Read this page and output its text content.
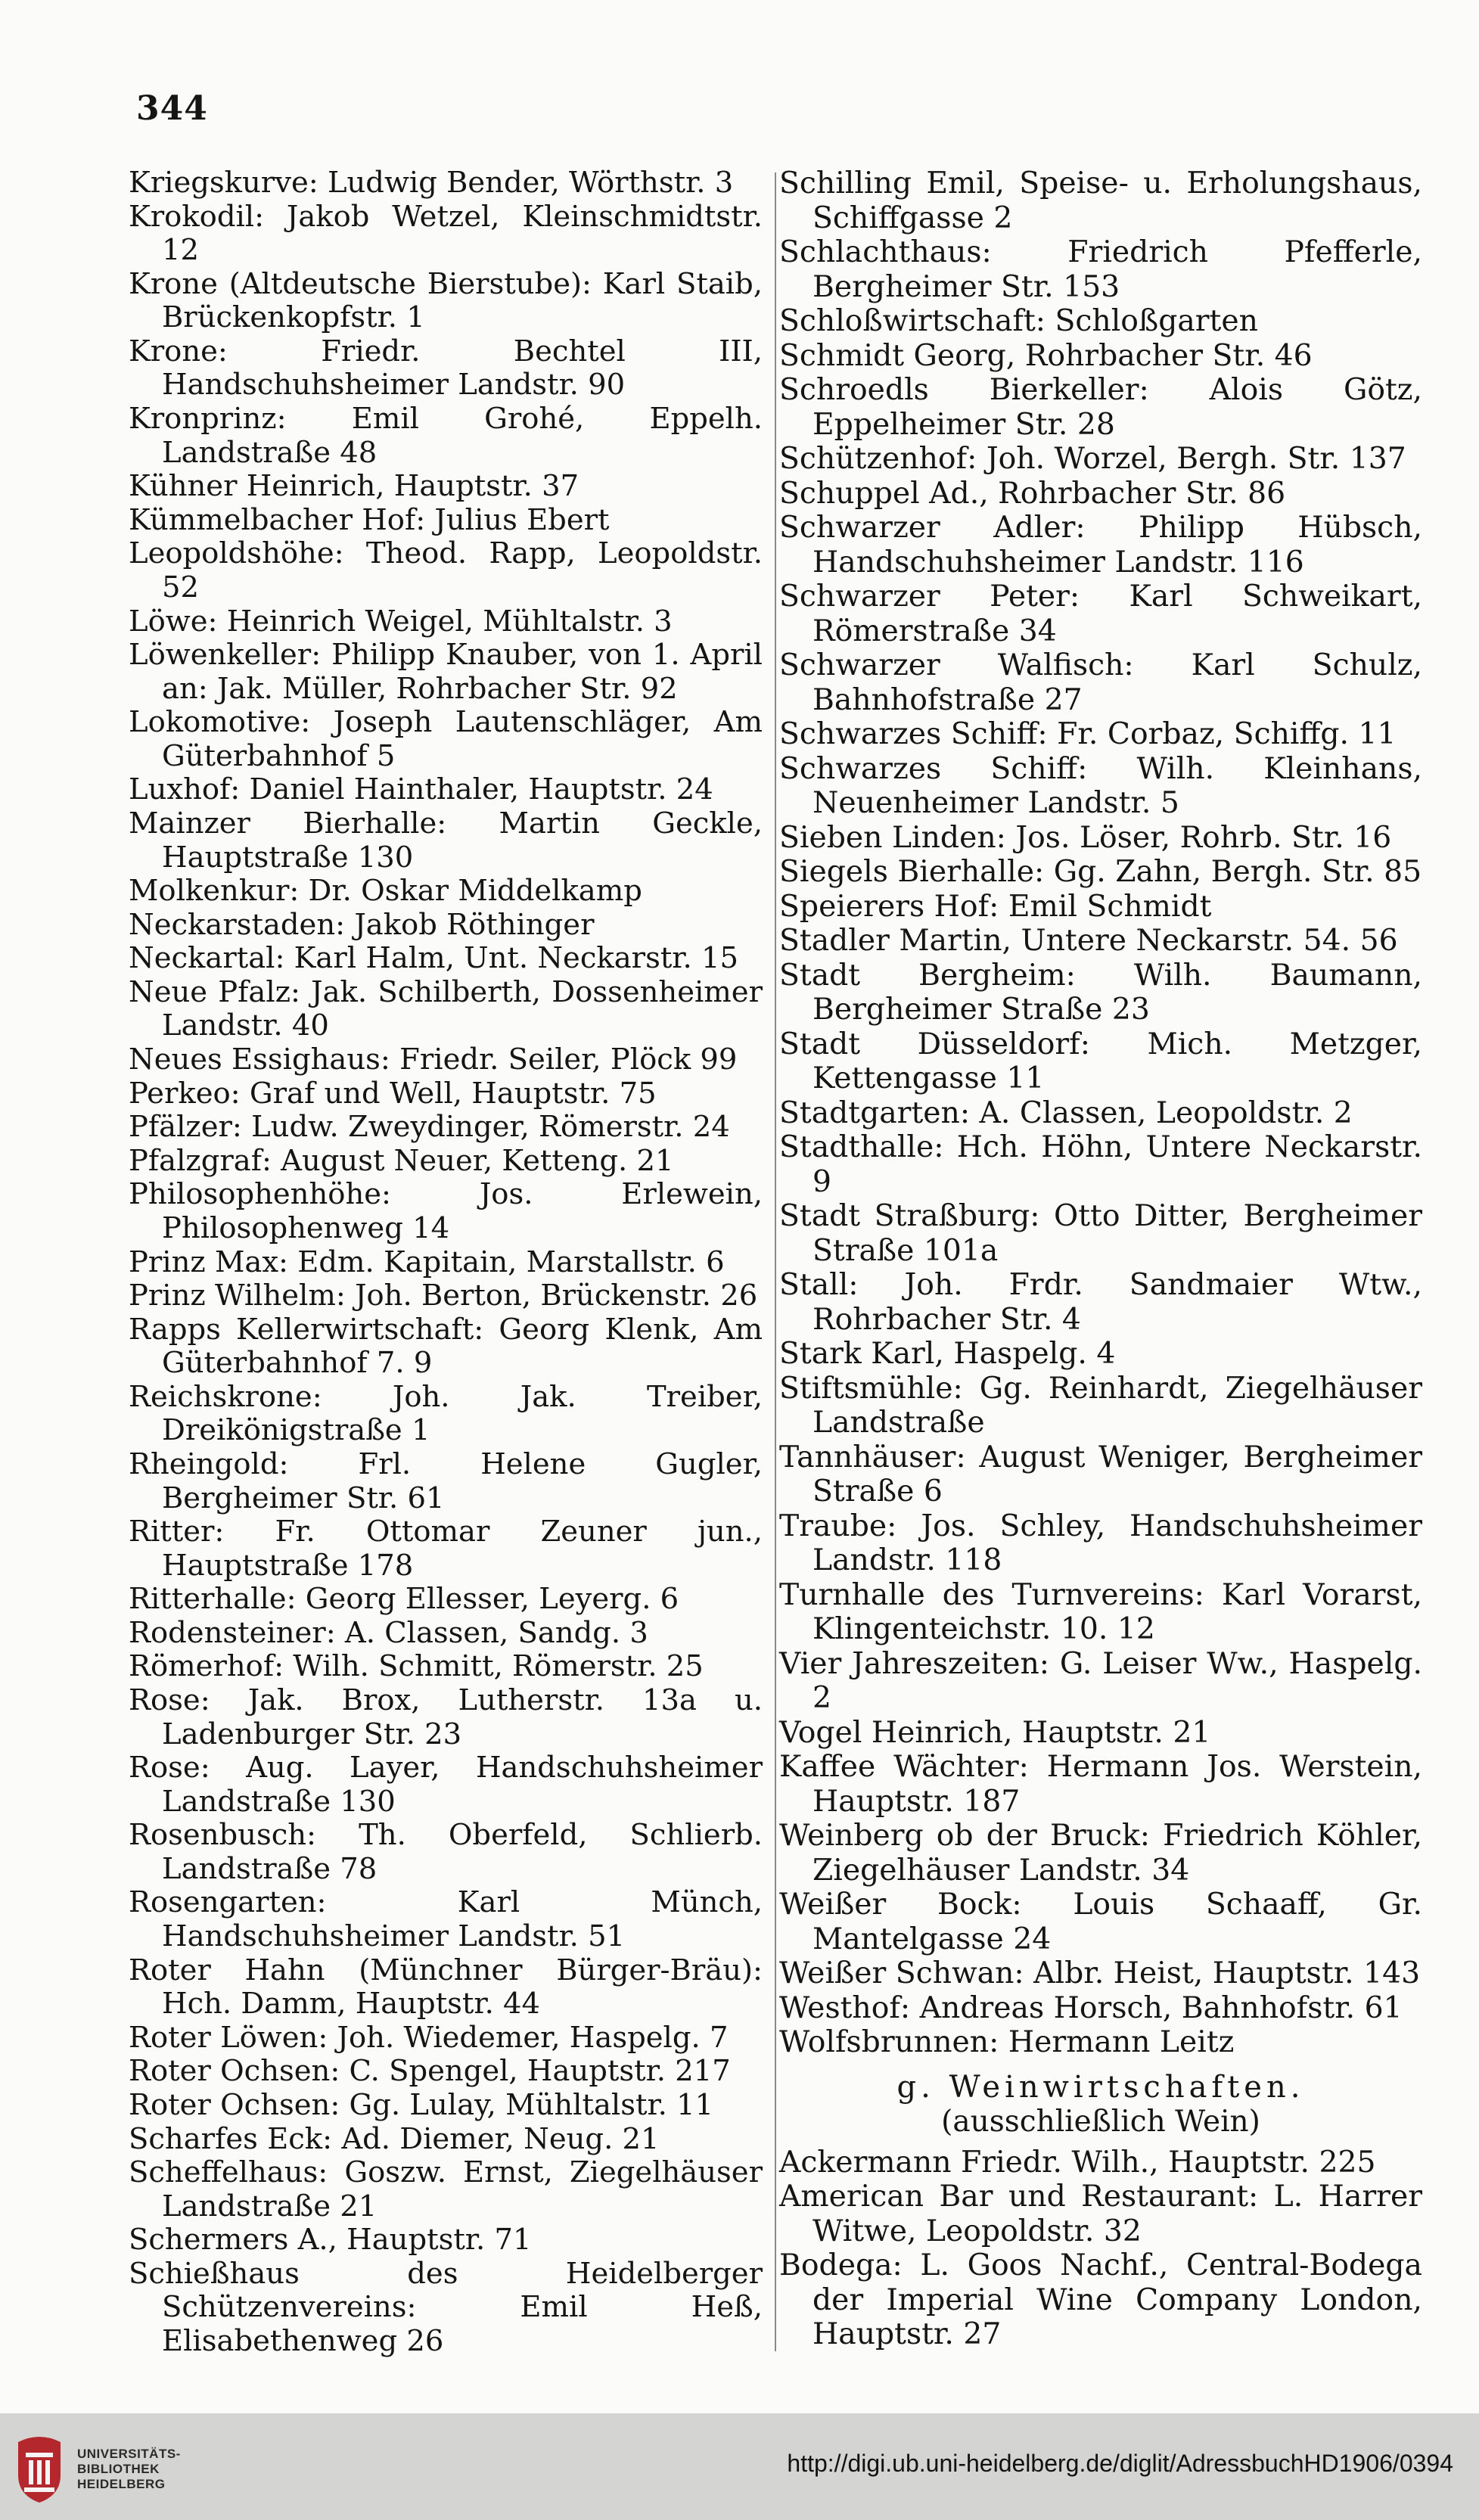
344

Kriegskurve: Ludwig Bender, Wörthstr. 3

Krokodil: Jakob Wetzel, Kleinschmidtstr. 12

Krone (Altdeutsche Bierstube): Karl Staib, Brückenkopfstr. 1

Krone: Friedr. Bechtel III, Handschuhsheimer Landstr. 90

Kronprinz: Emil Grohé, Eppelh. Landstraße 48

Kühner Heinrich, Hauptstr. 37

Kümmelbacher Hof: Julius Ebert

Leopoldshöhe: Theod. Rapp, Leopoldstr. 52

Löwe: Heinrich Weigel, Mühltalstr. 3

Löwenkeller: Philipp Knauber, von 1. April an: Jak. Müller, Rohrbacher Str. 92

Lokomotive: Joseph Lautenschläger, Am Güterbahnhof 5

Luxhof: Daniel Hainthaler, Hauptstr. 24

Mainzer Bierhalle: Martin Geckle, Hauptstraße 130

Molkenkur: Dr. Oskar Middelkamp

Neckarstaden: Jakob Röthinger

Neckartal: Karl Halm, Unt. Neckarstr. 15

Neue Pfalz: Jak. Schilberth, Dossenheimer Landstr. 40

Neues Essighaus: Friedr. Seiler, Plöck 99

Perkeo: Graf und Well, Hauptstr. 75

Pfälzer: Ludw. Zweydinger, Römerstr. 24

Pfalzgraf: August Neuer, Ketteng. 21

Philosophenhöhe: Jos. Erlewein, Philosophenweg 14

Prinz Max: Edm. Kapitain, Marstallstr. 6

Prinz Wilhelm: Joh. Berton, Brückenstr. 26

Rapps Kellerwirtschaft: Georg Klenk, Am Güterbahnhof 7. 9

Reichskrone: Joh. Jak. Treiber, Dreikönigstraße 1

Rheingold: Frl. Helene Gugler, Bergheimer Str. 61

Ritter: Fr. Ottomar Zeuner jun., Hauptstraße 178

Ritterhalle: Georg Ellesser, Leyerg. 6

Rodensteiner: A. Classen, Sandg. 3

Römerhof: Wilh. Schmitt, Römerstr. 25

Rose: Jak. Brox, Lutherstr. 13a u. Ladenburger Str. 23

Rose: Aug. Layer, Handschuhsheimer Landstraße 130

Rosenbusch: Th. Oberfeld, Schlierb. Landstraße 78

Rosengarten: Karl Münch, Handschuhsheimer Landstr. 51

Roter Hahn (Münchner Bürger-Bräu): Hch. Damm, Hauptstr. 44

Roter Löwen: Joh. Wiedemer, Haspelg. 7

Roter Ochsen: C. Spengel, Hauptstr. 217

Roter Ochsen: Gg. Lulay, Mühltalstr. 11

Scharfes Eck: Ad. Diemer, Neug. 21

Scheffelhaus: Goszw. Ernst, Ziegelhäuser Landstraße 21

Schermers A., Hauptstr. 71

Schießhaus des Heidelberger Schützenvereins: Emil Heß, Elisabethenweg 26

Schilling Emil, Speise- u. Erholungshaus, Schiffgasse 2

Schlachthaus: Friedrich Pfefferle, Bergheimer Str. 153

Schloßwirtschaft: Schloßgarten

Schmidt Georg, Rohrbacher Str. 46

Schroedls Bierkeller: Alois Götz, Eppelheimer Str. 28

Schützenhof: Joh. Worzel, Bergh. Str. 137

Schuppel Ad., Rohrbacher Str. 86

Schwarzer Adler: Philipp Hübsch, Handschuhsheimer Landstr. 116

Schwarzer Peter: Karl Schweikart, Römerstraße 34

Schwarzer Walfisch: Karl Schulz, Bahnhofstraße 27

Schwarzes Schiff: Fr. Corbaz, Schiffg. 11

Schwarzes Schiff: Wilh. Kleinhans, Neuenheimer Landstr. 5

Sieben Linden: Jos. Löser, Rohrb. Str. 16

Siegels Bierhalle: Gg. Zahn, Bergh. Str. 85

Speierers Hof: Emil Schmidt

Stadler Martin, Untere Neckarstr. 54. 56

Stadt Bergheim: Wilh. Baumann, Bergheimer Straße 23

Stadt Düsseldorf: Mich. Metzger, Kettengasse 11

Stadtgarten: A. Classen, Leopoldstr. 2

Stadthalle: Hch. Höhn, Untere Neckarstr. 9

Stadt Straßburg: Otto Ditter, Bergheimer Straße 101a

Stall: Joh. Frdr. Sandmaier Wtw., Rohrbacher Str. 4

Stark Karl, Haspelg. 4

Stiftsmühle: Gg. Reinhardt, Ziegelhäuser Landstraße

Tannhäuser: August Weniger, Bergheimer Straße 6

Traube: Jos. Schley, Handschuhsheimer Landstr. 118

Turnhalle des Turnvereins: Karl Vorarst, Klingenteichstr. 10. 12

Vier Jahreszeiten: G. Leiser Ww., Haspelg. 2

Vogel Heinrich, Hauptstr. 21

Kaffee Wächter: Hermann Jos. Werstein, Hauptstr. 187

Weinberg ob der Bruck: Friedrich Köhler, Ziegelhäuser Landstr. 34

Weißer Bock: Louis Schaaff, Gr. Mantelgasse 24

Weißer Schwan: Albr. Heist, Hauptstr. 143

Westhof: Andreas Horsch, Bahnhofstr. 61

Wolfsbrunnen: Hermann Leitz

g. Weinwirtschaften.

(ausschließlich Wein)

Ackermann Friedr. Wilh., Hauptstr. 225

American Bar und Restaurant: L. Harrer Witwe, Leopoldstr. 32

Bodega: L. Goos Nachf., Central-Bodega der Imperial Wine Company London, Hauptstr. 27

UNIVERSITÄTS-
BIBLIOTHEK
HEIDELBERG
http://digi.ub.uni-heidelberg.de/diglit/AdressbuchHD1906/0394
